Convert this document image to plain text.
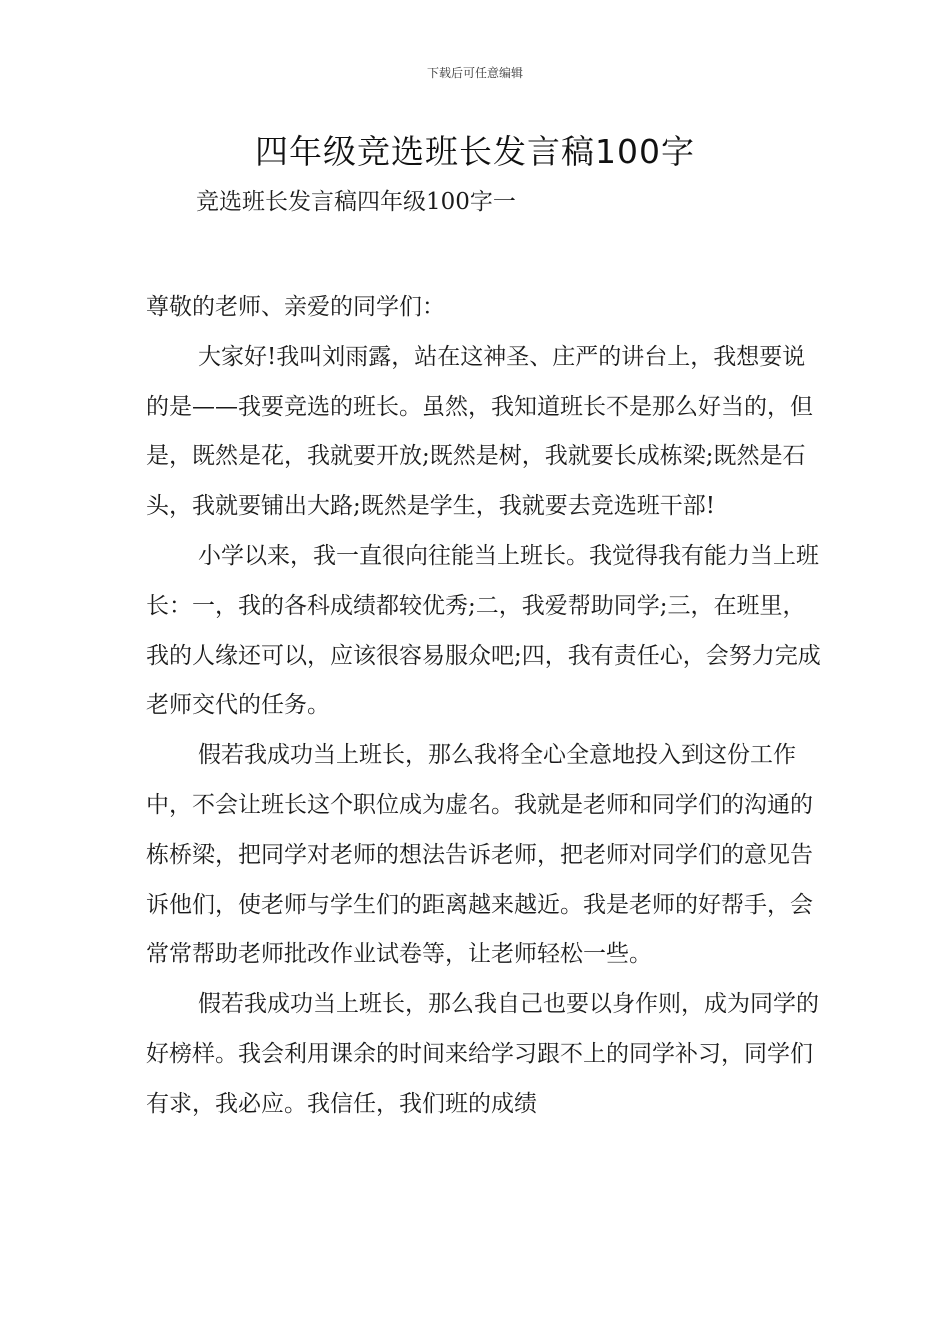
下载后可任意编辑
四年级竞选班长发言稿100字
竞选班长发言稿四年级100字一

尊敬的老师、亲爱的同学们：

大家好!我叫刘雨露，站在这神圣、庄严的讲台上，我想要说的是——我要竞选的班长。虽然，我知道班长不是那么好当的，但是，既然是花，我就要开放;既然是树，我就要长成栋梁;既然是石头，我就要铺出大路;既然是学生，我就要去竞选班干部!

小学以来，我一直很向往能当上班长。我觉得我有能力当上班长：一，我的各科成绩都较优秀;二，我爱帮助同学;三，在班里，我的人缘还可以，应该很容易服众吧;四，我有责任心，会努力完成老师交代的任务。

假若我成功当上班长，那么我将全心全意地投入到这份工作中，不会让班长这个职位成为虚名。我就是老师和同学们的沟通的栋桥梁，把同学对老师的想法告诉老师，把老师对同学们的意见告诉他们，使老师与学生们的距离越来越近。我是老师的好帮手，会常常帮助老师批改作业试卷等，让老师轻松一些。

假若我成功当上班长，那么我自己也要以身作则，成为同学的好榜样。我会利用课余的时间来给学习跟不上的同学补习，同学们有求，我必应。我信任，我们班的成绩
